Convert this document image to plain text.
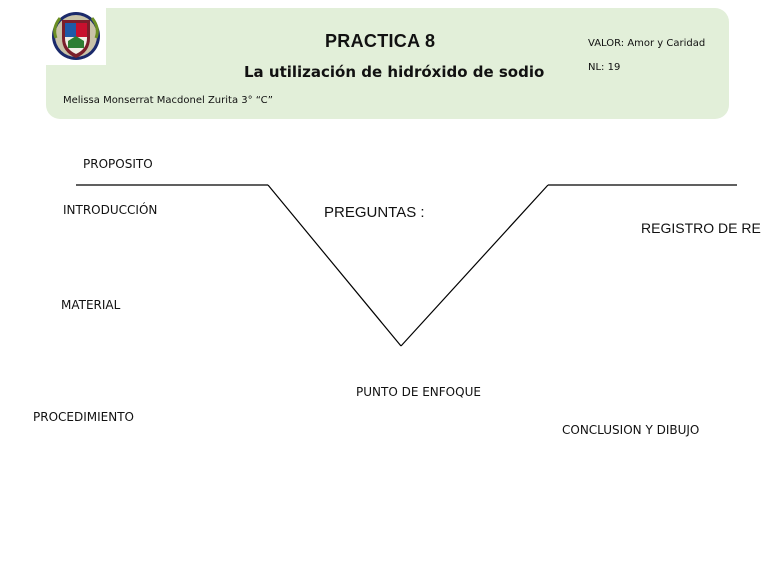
PRACTICA 8
La utilización de hidróxido de sodio
VALOR: Amor y Caridad
NL: 19
Melissa Monserrat Macdonel Zurita 3° “C”
PROPOSITO
INTRODUCCIÓN	PREGUNTAS :
REGISTRO DE RE
MATERIAL
PUNTO DE ENFOQUE
PROCEDIMIENTO
CONCLUSION Y DIBUJO
